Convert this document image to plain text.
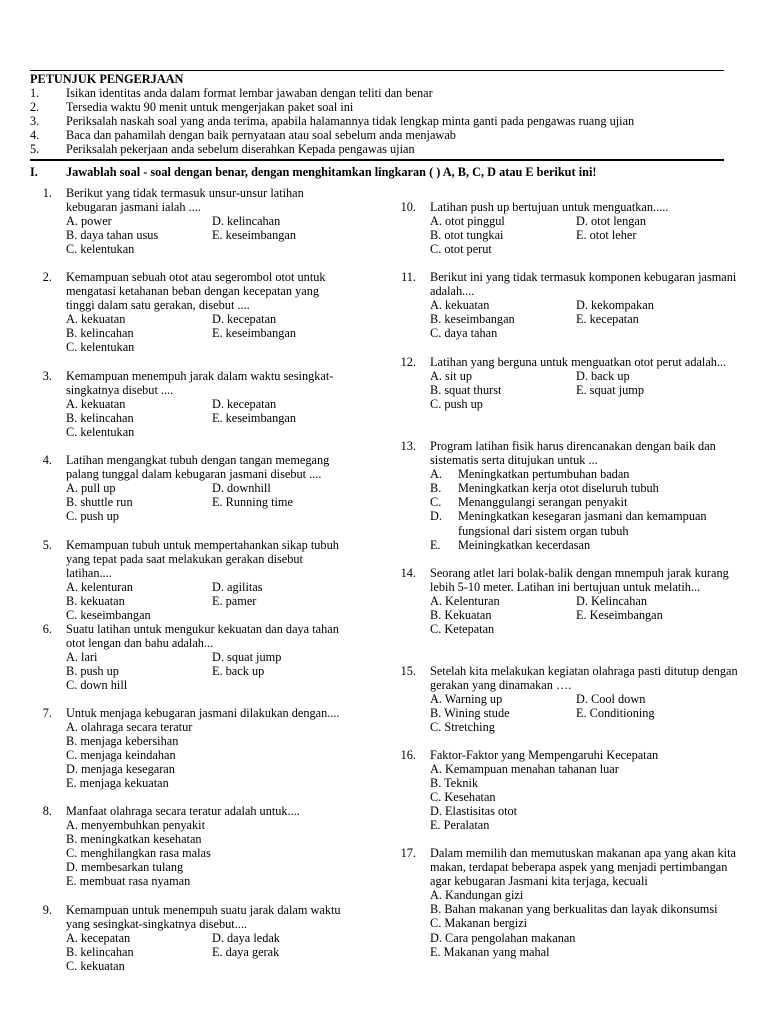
PETUNJUK PENGERJAAN
1. Isikan identitas anda dalam format lembar jawaban dengan teliti dan benar
2. Tersedia waktu 90 menit untuk mengerjakan paket soal ini
3. Periksalah naskah soal yang anda terima, apabila halamannya tidak lengkap minta ganti pada pengawas ruang ujian
4. Baca dan pahamilah dengan baik pernyataan atau soal sebelum anda menjawab
5. Periksalah pekerjaan anda sebelum diserahkan Kepada pengawas ujian
I. Jawablah soal - soal dengan benar, dengan menghitamkan lingkaran ( ) A, B, C, D atau E berikut ini!
1. Berikut yang tidak termasuk unsur-unsur latihan kebugaran jasmani ialah ....
A. power	D. kelincahan
B. daya tahan usus	E. keseimbangan
C. kelentukan
2. Kemampuan sebuah otot atau segerombol otot untuk mengatasi ketahanan beban dengan kecepatan yang tinggi dalam satu gerakan, disebut ....
A. kekuatan	D. kecepatan
B. kelincahan	E. keseimbangan
C. kelentukan
3. Kemampuan menempuh jarak dalam waktu sesingkat-singkatnya disebut ....
A. kekuatan	D. kecepatan
B. kelincahan	E. keseimbangan
C. kelentukan
4. Latihan mengangkat tubuh dengan tangan memegang palang tunggal dalam kebugaran jasmani disebut ....
A. pull up	D. downhill
B. shuttle run	E. Running time
C. push up
5. Kemampuan tubuh untuk mempertahankan sikap tubuh yang tepat pada saat melakukan gerakan disebut latihan....
A. kelenturan	D. agilitas
B. kekuatan	E. pamer
C. keseimbangan
6. Suatu latihan untuk mengukur kekuatan dan daya tahan otot lengan dan bahu adalah...
A. lari	D. squat jump
B. push up	E. back up
C. down hill
7. Untuk menjaga kebugaran jasmani dilakukan dengan....
A. olahraga secara teratur
B. menjaga kebersihan
C. menjaga keindahan
D. menjaga kesegaran
E. menjaga kekuatan
8. Manfaat olahraga secara teratur adalah untuk....
A. menyembuhkan penyakit
B. meningkatkan kesehatan
C. menghilangkan rasa malas
D. membesarkan tulang
E. membuat rasa nyaman
9. Kemampuan untuk menempuh suatu jarak dalam waktu yang sesingkat-singkatnya disebut....
A. kecepatan	D. daya ledak
B. kelincahan	E. daya gerak
C. kekuatan
10. Latihan push up bertujuan untuk menguatkan.....
A. otot pinggul	D. otot lengan
B. otot tungkai	E. otot leher
C. otot perut
11. Berikut ini yang tidak termasuk komponen kebugaran jasmani adalah....
A. kekuatan	D. kekompakan
B. keseimbangan	E. kecepatan
C. daya tahan
12. Latihan yang berguna untuk menguatkan otot perut adalah...
A. sit up	D. back up
B. squat thurst	E. squat jump
C. push up
13. Program latihan fisik harus direncanakan dengan baik dan sistematis serta ditujukan untuk ...
A.	Meningkatkan pertumbuhan badan
B.	Meningkatkan kerja otot diseluruh tubuh
C.	Menanggulangi serangan penyakit
D.	Meningkatkan kesegaran jasmani dan kemampuan fungsional dari sistem organ tubuh
E.	Meiningkatkan kecerdasan
14. Seorang atlet lari bolak-balik dengan mnempuh jarak kurang lebih 5-10 meter. Latihan ini bertujuan untuk melatih...
A. Kelenturan	D. Kelincahan
B. Kekuatan	E. Keseimbangan
C. Ketepatan
15. Setelah kita melakukan kegiatan olahraga pasti ditutup dengan gerakan yang dinamakan ….
A. Warning up	D. Cool down
B. Wining stude	E. Conditioning
C. Stretching
16. Faktor-Faktor yang Mempengaruhi Kecepatan
A. Kemampuan menahan tahanan luar
B. Teknik
C. Kesehatan
D. Elastisitas otot
E. Peralatan
17. Dalam memilih dan memutuskan makanan apa yang akan kita makan, terdapat beberapa aspek yang menjadi pertimbangan agar kebugaran Jasmani kita terjaga, kecuali
A. Kandungan gizi
B. Bahan makanan yang berkualitas dan layak dikonsumsi
C. Makanan bergizi
D. Cara pengolahan makanan
E. Makanan yang mahal
